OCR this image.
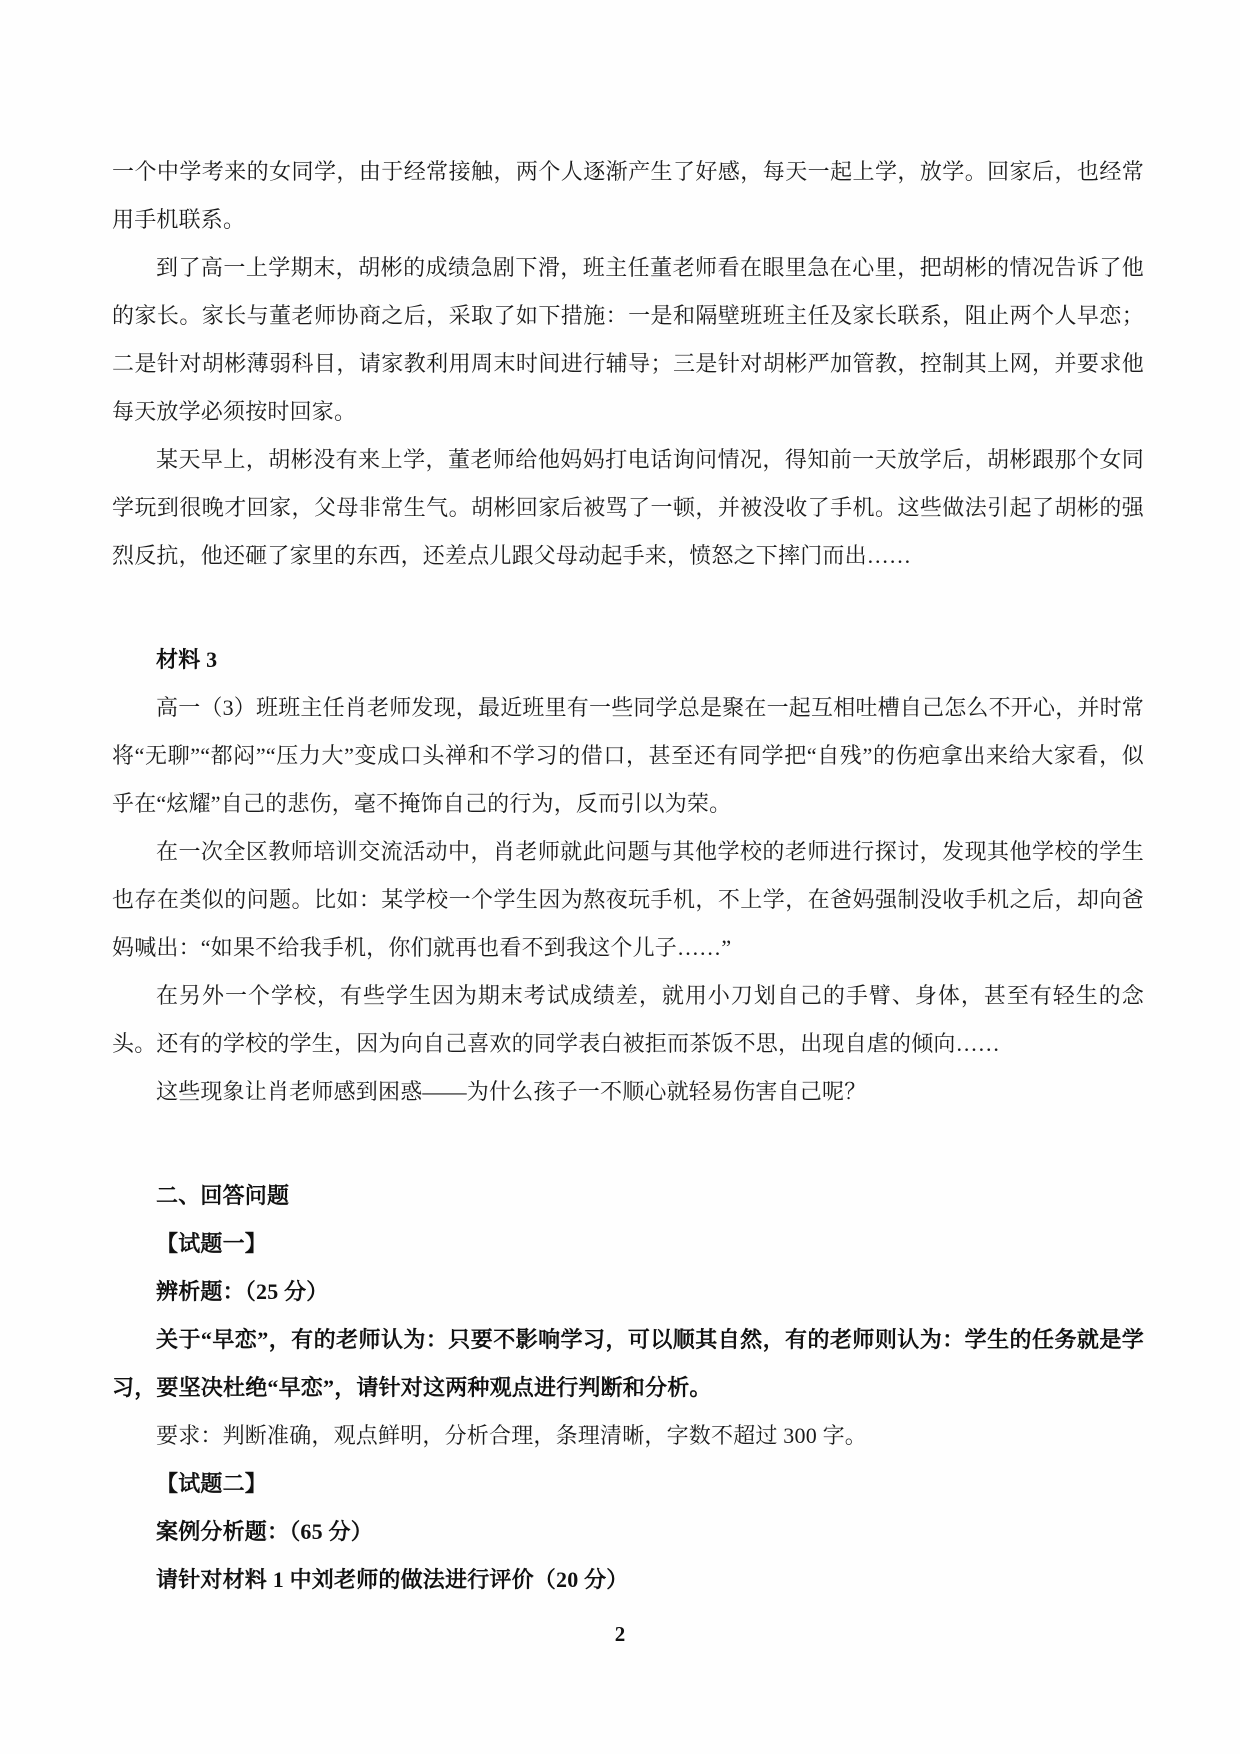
一个中学考来的女同学，由于经常接触，两个人逐渐产生了好感，每天一起上学，放学。回家后，也经常用手机联系。
到了高一上学期末，胡彬的成绩急剧下滑，班主任董老师看在眼里急在心里，把胡彬的情况告诉了他的家长。家长与董老师协商之后，采取了如下措施：一是和隔壁班班主任及家长联系，阻止两个人早恋；二是针对胡彬薄弱科目，请家教利用周末时间进行辅导；三是针对胡彬严加管教，控制其上网，并要求他每天放学必须按时回家。
某天早上，胡彬没有来上学，董老师给他妈妈打电话询问情况，得知前一天放学后，胡彬跟那个女同学玩到很晚才回家，父母非常生气。胡彬回家后被骂了一顿，并被没收了手机。这些做法引起了胡彬的强烈反抗，他还砸了家里的东西，还差点儿跟父母动起手来，愤怒之下摔门而出……
材料 3
高一（3）班班主任肖老师发现，最近班里有一些同学总是聚在一起互相吐槽自己怎么不开心，并时常将“无聊”“都闷”“压力大”变成口头禅和不学习的借口，甚至还有同学把“自残”的伤疤拿出来给大家看，似乎在“炫耀”自己的悲伤，毫不掩饰自己的行为，反而引以为荣。
在一次全区教师培训交流活动中，肖老师就此问题与其他学校的老师进行探讨，发现其他学校的学生也存在类似的问题。比如：某学校一个学生因为熬夜玩手机，不上学，在爸妈强制没收手机之后，却向爸妈喊出：“如果不给我手机，你们就再也看不到我这个儿子……”
在另外一个学校，有些学生因为期末考试成绩差，就用小刀划自己的手臂、身体，甚至有轻生的念头。还有的学校的学生，因为向自己喜欢的同学表白被拒而茶饭不思，出现自虐的倾向……
这些现象让肖老师感到困惑——为什么孩子一不顺心就轻易伤害自己呢？
二、回答问题
【试题一】
辨析题：（25 分）
关于“早恋”，有的老师认为：只要不影响学习，可以顺其自然，有的老师则认为：学生的任务就是学习，要坚决杜绝“早恋”，请针对这两种观点进行判断和分析。
要求：判断准确，观点鲜明，分析合理，条理清晰，字数不超过 300 字。
【试题二】
案例分析题：（65 分）
请针对材料 1 中刘老师的做法进行评价（20 分）
2
